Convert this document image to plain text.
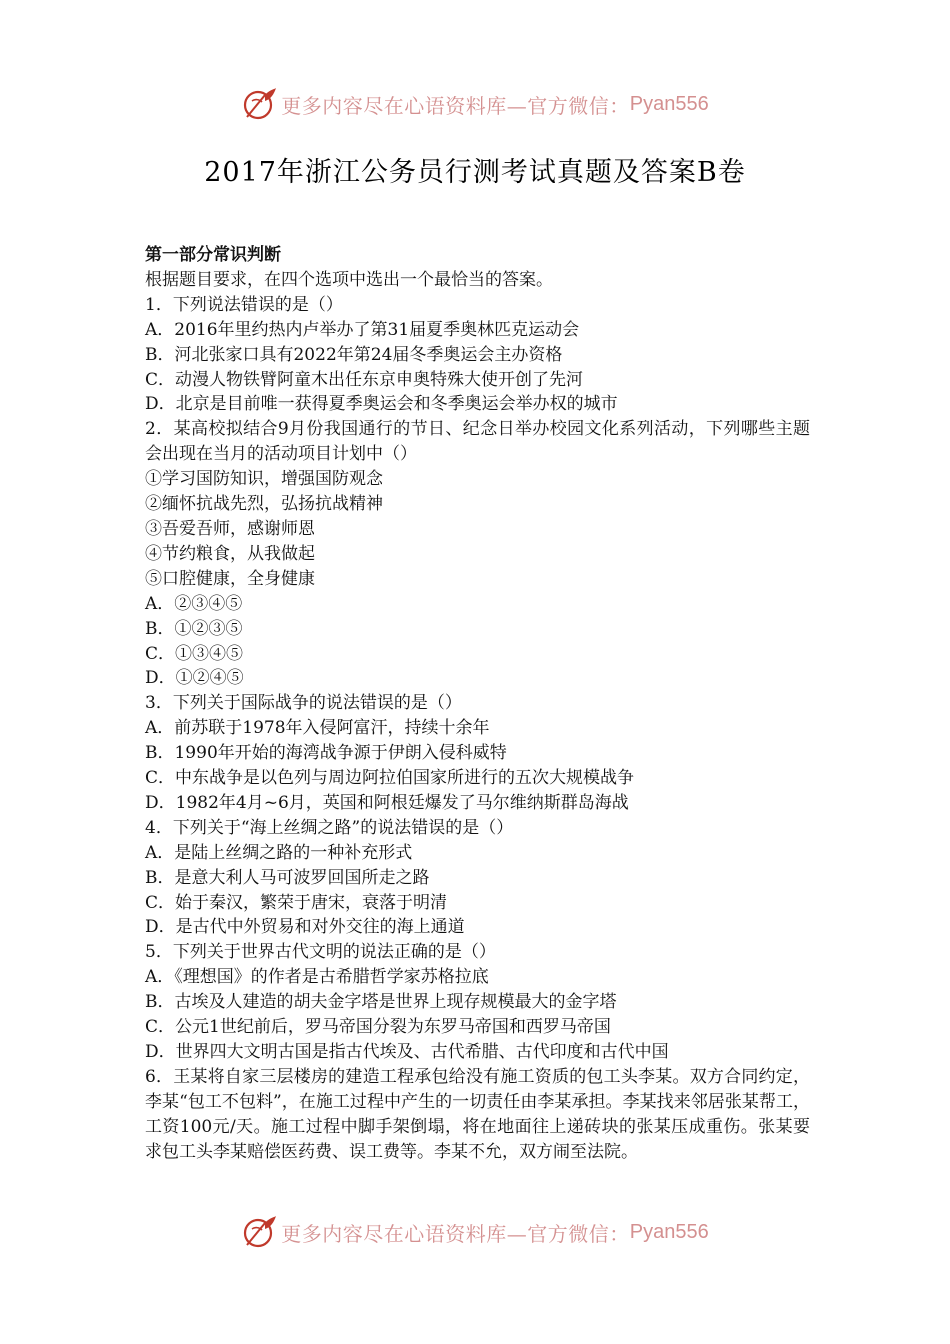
更多内容尽在心语资料库—官方微信： Pyan556
2017年浙江公务员行测考试真题及答案B卷
第一部分常识判断
根据题目要求，在四个选项中选出一个最恰当的答案。
1．下列说法错误的是（）
A．2016年里约热内卢举办了第31届夏季奥林匹克运动会
B．河北张家口具有2022年第24届冬季奥运会主办资格
C．动漫人物铁臂阿童木出任东京申奥特殊大使开创了先河
D．北京是目前唯一获得夏季奥运会和冬季奥运会举办权的城市
2．某高校拟结合9月份我国通行的节日、纪念日举办校园文化系列活动，下列哪些主题会出现在当月的活动项目计划中（）
①学习国防知识，增强国防观念
②缅怀抗战先烈，弘扬抗战精神
③吾爱吾师，感谢师恩
④节约粮食，从我做起
⑤口腔健康，全身健康
A．②③④⑤
B．①②③⑤
C．①③④⑤
D．①②④⑤
3．下列关于国际战争的说法错误的是（）
A．前苏联于1978年入侵阿富汗，持续十余年
B．1990年开始的海湾战争源于伊朗入侵科威特
C．中东战争是以色列与周边阿拉伯国家所进行的五次大规模战争
D．1982年4月~6月，英国和阿根廷爆发了马尔维纳斯群岛海战
4．下列关于“海上丝绸之路”的说法错误的是（）
A．是陆上丝绸之路的一种补充形式
B．是意大利人马可波罗回国所走之路
C．始于秦汉，繁荣于唐宋，衰落于明清
D．是古代中外贸易和对外交往的海上通道
5．下列关于世界古代文明的说法正确的是（）
A．《理想国》的作者是古希腊哲学家苏格拉底
B．古埃及人建造的胡夫金字塔是世界上现存规模最大的金字塔
C．公元1世纪前后，罗马帝国分裂为东罗马帝国和西罗马帝国
D．世界四大文明古国是指古代埃及、古代希腊、古代印度和古代中国
6．王某将自家三层楼房的建造工程承包给没有施工资质的包工头李某。双方合同约定，李某“包工不包料”，在施工过程中产生的一切责任由李某承担。李某找来邻居张某帮工，工资100元/天。施工过程中脚手架倒塌，将在地面往上递砖块的张某压成重伤。张某要求包工头李某赔偿医药费、误工费等。李某不允，双方闹至法院。
更多内容尽在心语资料库—官方微信： Pyan556
